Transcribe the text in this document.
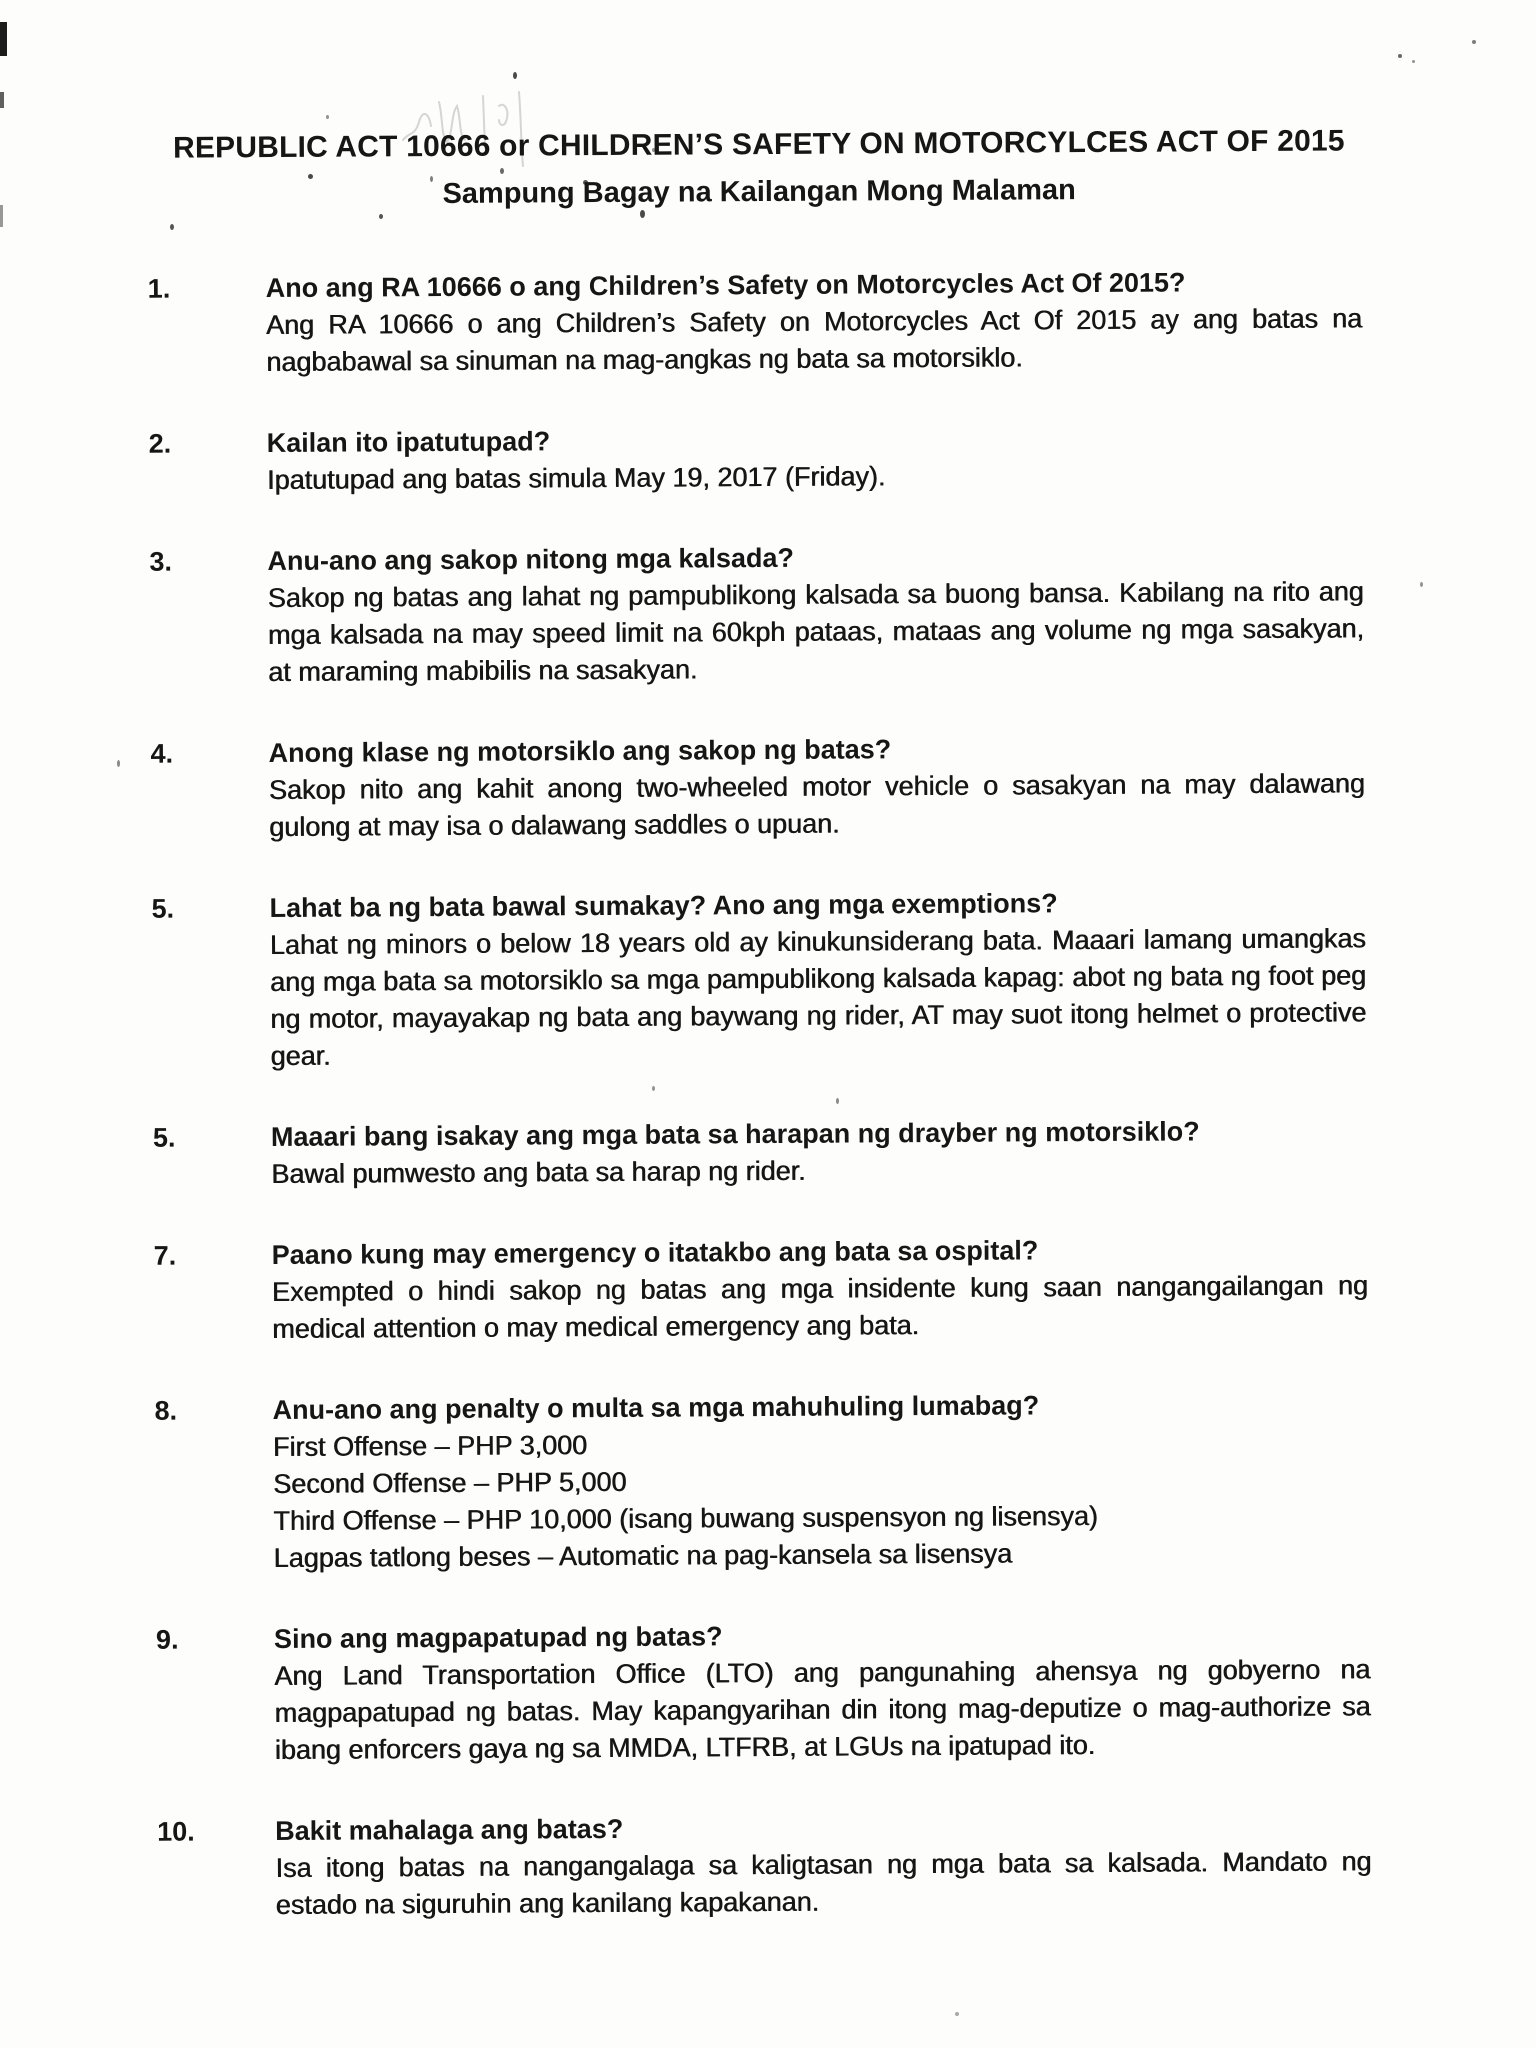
REPUBLIC ACT 10666 or CHILDREN’S SAFETY ON MOTORCYLCES ACT OF 2015
Sampung Bagay na Kailangan Mong Malaman
1.	Ano ang RA 10666 o ang Children’s Safety on Motorcycles Act Of 2015?
Ang RA 10666 o ang Children’s Safety on Motorcycles Act Of 2015 ay ang batas na nagbabawal sa sinuman na mag-angkas ng bata sa motorsiklo.
2.	Kailan ito ipatutupad?
Ipatutupad ang batas simula May 19, 2017 (Friday).
3.	Anu-ano ang sakop nitong mga kalsada?
Sakop ng batas ang lahat ng pampublikong kalsada sa buong bansa. Kabilang na rito ang mga kalsada na may speed limit na 60kph pataas, mataas ang volume ng mga sasakyan, at maraming mabibilis na sasakyan.
4.	Anong klase ng motorsiklo ang sakop ng batas?
Sakop nito ang kahit anong two-wheeled motor vehicle o sasakyan na may dalawang gulong at may isa o dalawang saddles o upuan.
5.	Lahat ba ng bata bawal sumakay? Ano ang mga exemptions?
Lahat ng minors o below 18 years old ay kinukunsiderang bata. Maaari lamang umangkas ang mga bata sa motorsiklo sa mga pampublikong kalsada kapag: abot ng bata ng foot peg ng motor, mayayakap ng bata ang baywang ng rider, AT may suot itong helmet o protective gear.
5.	Maaari bang isakay ang mga bata sa harapan ng drayber ng motorsiklo?
Bawal pumwesto ang bata sa harap ng rider.
7.	Paano kung may emergency o itatakbo ang bata sa ospital?
Exempted o hindi sakop ng batas ang mga insidente kung saan nangangailangan ng medical attention o may medical emergency ang bata.
8.	Anu-ano ang penalty o multa sa mga mahuhuling lumabag?
First Offense – PHP 3,000
Second Offense – PHP 5,000
Third Offense – PHP 10,000 (isang buwang suspensyon ng lisensya)
Lagpas tatlong beses – Automatic na pag-kansela sa lisensya
9.	Sino ang magpapatupad ng batas?
Ang Land Transportation Office (LTO) ang pangunahing ahensya ng gobyerno na magpapatupad ng batas. May kapangyarihan din itong mag-deputize o mag-authorize sa ibang enforcers gaya ng sa MMDA, LTFRB, at LGUs na ipatupad ito.
10.	Bakit mahalaga ang batas?
Isa itong batas na nangangalaga sa kaligtasan ng mga bata sa kalsada. Mandato ng estado na siguruhin ang kanilang kapakanan.
